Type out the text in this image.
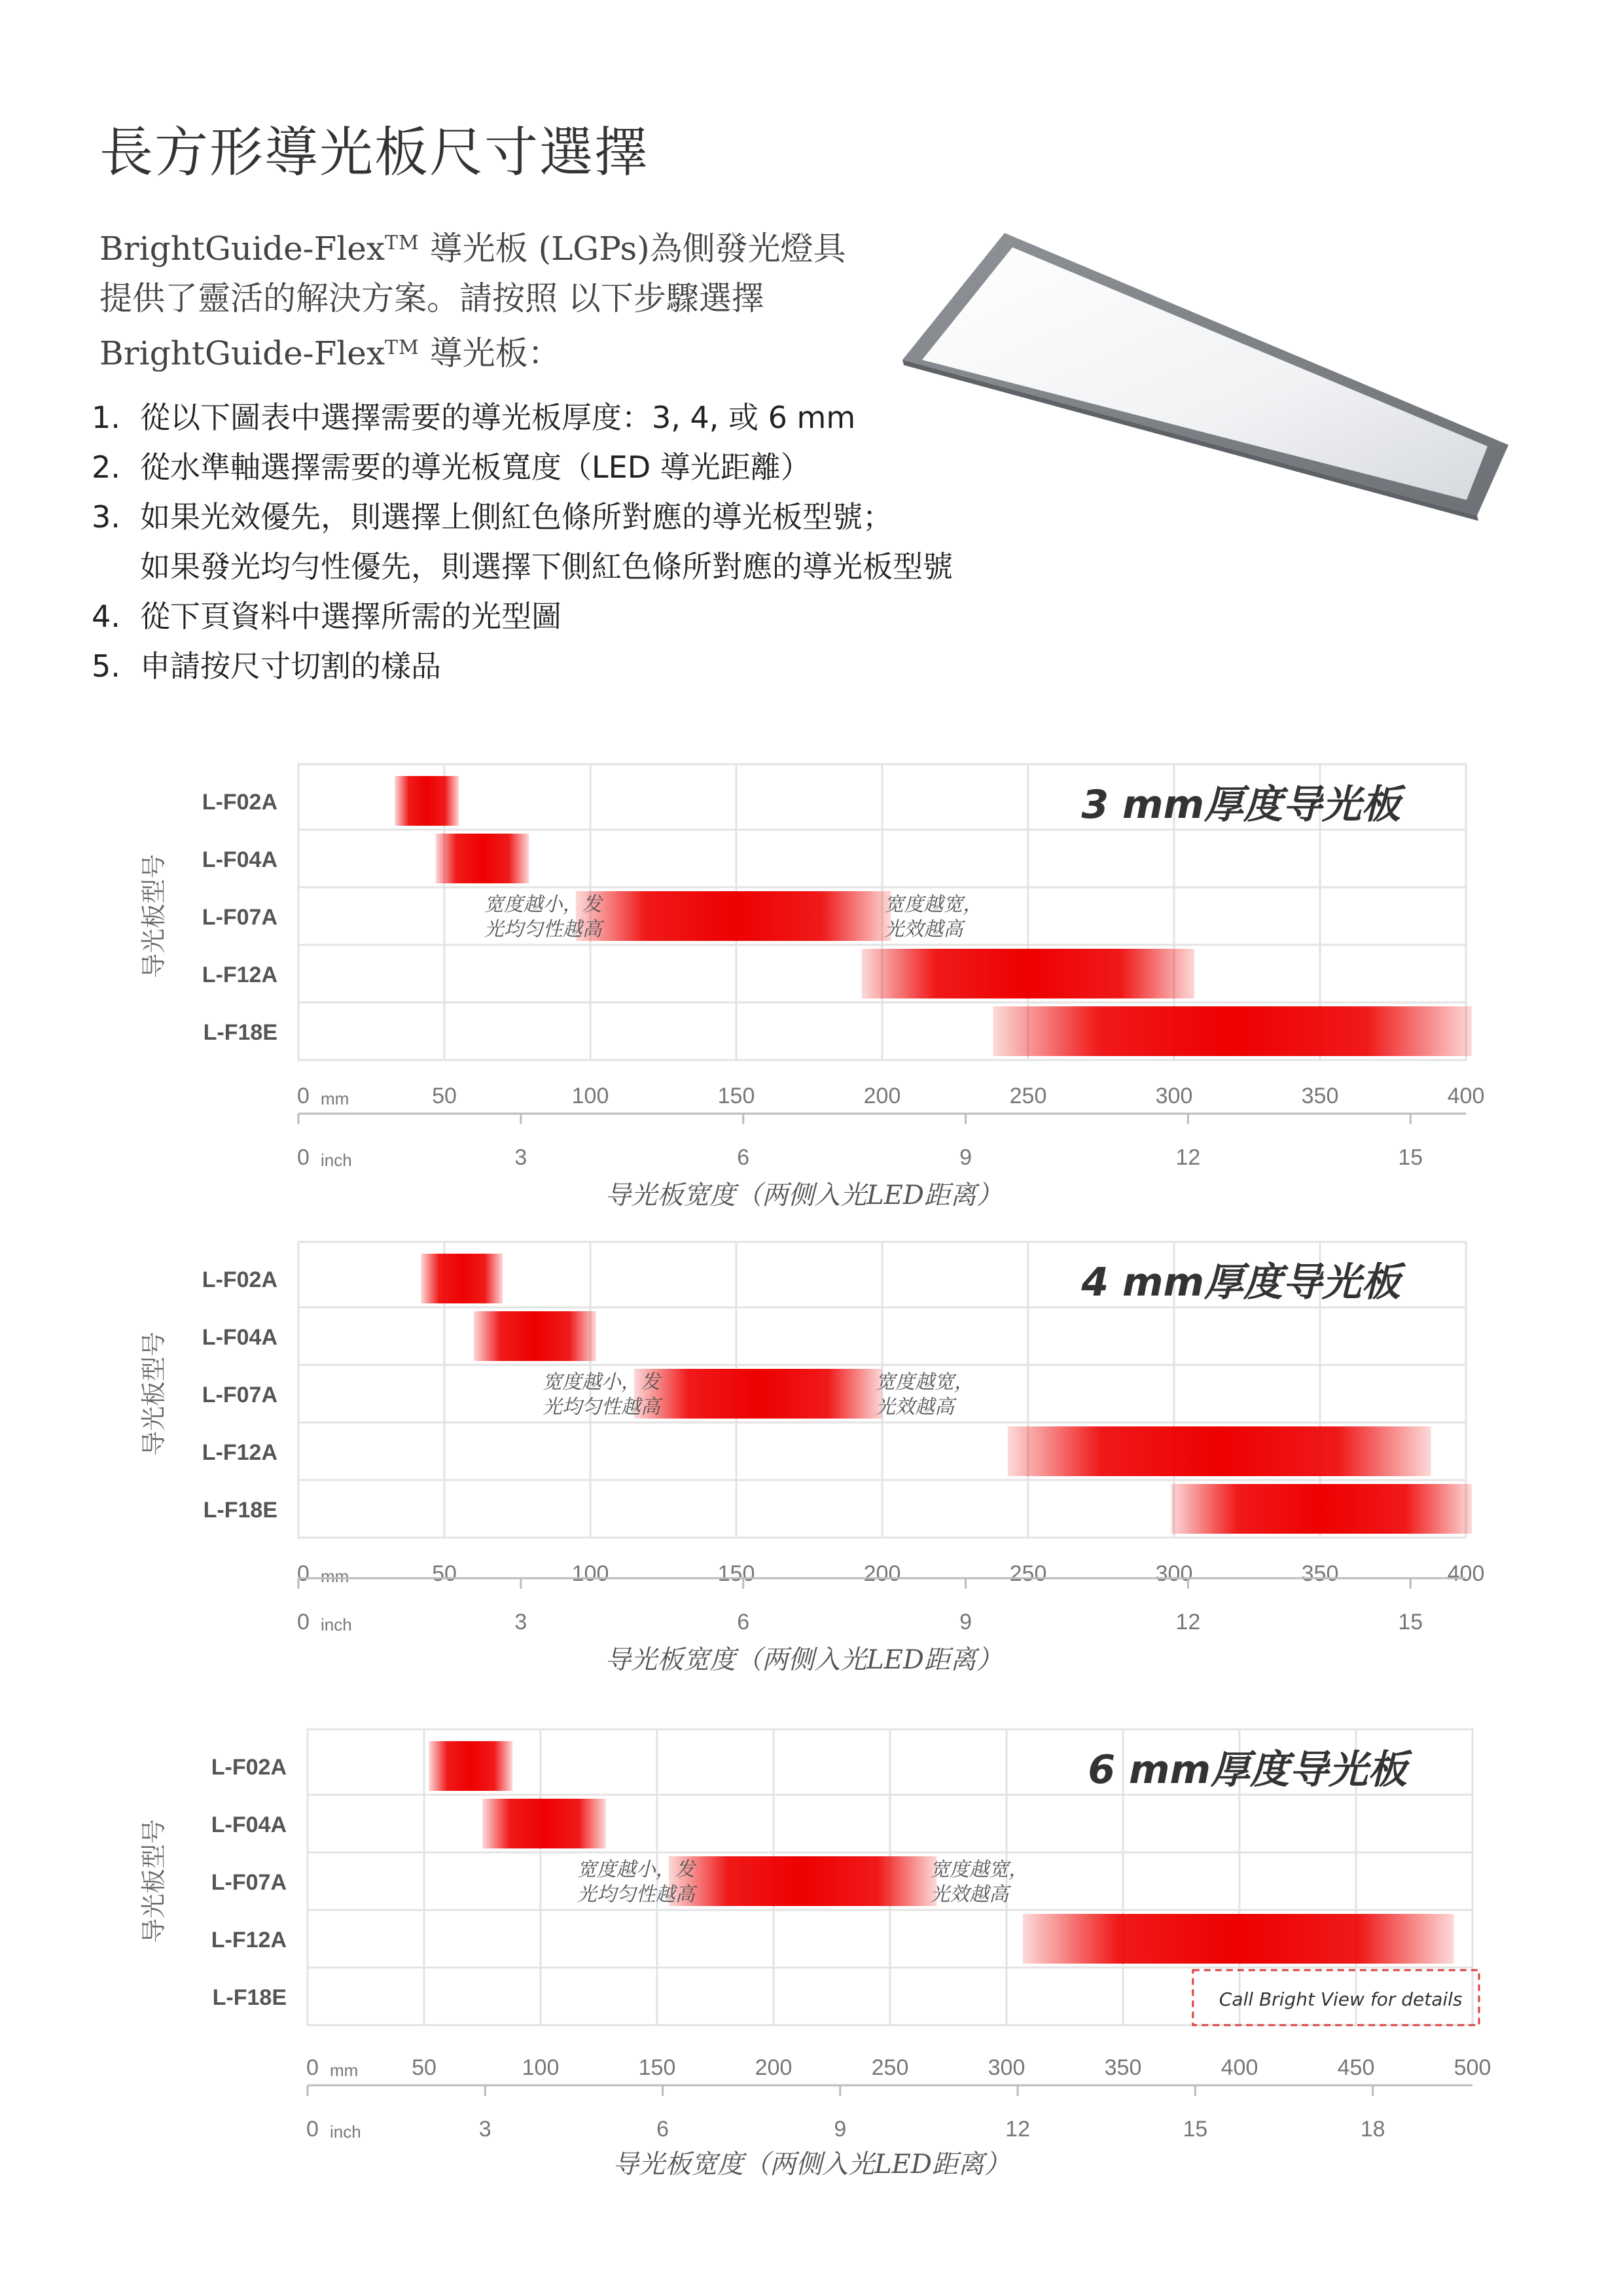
長方形導光板尺寸選擇
BrightGuide-Flex™ 導光板 (LGPs)為側發光燈具
提供了靈活的解決方案。請按照 以下步驟選擇
BrightGuide-Flex™ 導光板：
1. 從以下圖表中選擇需要的導光板厚度：3, 4, 或 6 mm
2. 從水準軸選擇需要的導光板寬度（LED 導光距離）
3. 如果光效優先，則選擇上側紅色條所對應的導光板型號；
如果發光均勻性優先，則選擇下側紅色條所對應的導光板型號
4. 從下頁資料中選擇所需的光型圖
5. 申請按尺寸切割的樣品
导光板型号
L-F02A
L-F04A
L-F07A
L-F12A
L-F18E
3 mm厚度导光板
宽度越小，发
光均匀性越高
宽度越宽，
光效越高
0	50	100	150	200	250	300	350	400
mm
0	3	6	9	12	15
inch
导光板宽度（两侧入光LED距离）
导光板型号
L-F02A
L-F04A
L-F07A
L-F12A
L-F18E
4 mm厚度导光板
宽度越小，发
光均匀性越高
宽度越宽，
光效越高
0	50	100	150	200	250	300	350	400
mm
0	3	6	9	12	15
inch
导光板宽度（两侧入光LED距离）
导光板型号
L-F02A
L-F04A
L-F07A
L-F12A
L-F18E
6 mm厚度导光板
宽度越小，发
光均匀性越高
宽度越宽，
光效越高
Call Bright View for details
0	50	100	150	200	250	300	350	400	450	500
mm
0	3	6	9	12	15	18
inch
导光板宽度（两侧入光LED距离）
